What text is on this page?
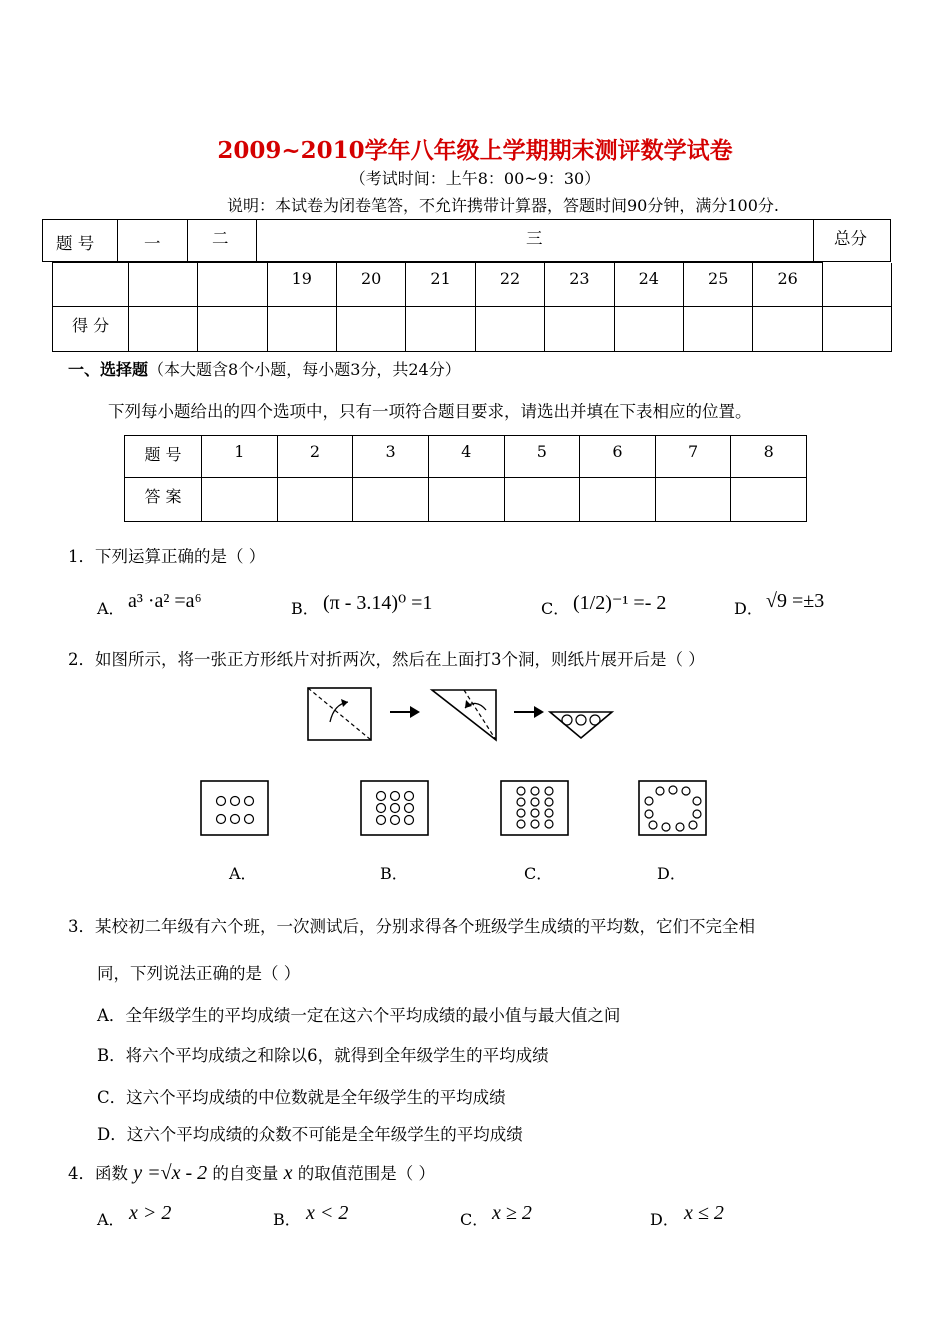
2009~2010学年八年级上学期期末测评数学试卷
（考试时间：上午8：00~9：30）
说明：本试卷为闭卷笔答，不允许携带计算器，答题时间90分钟，满分100分.
题 号	一	二	三	总分
			19	20	21	22	23	24	25	26	
得 分											
一、选择题（本大题含8个小题，每小题3分，共24分）
下列每小题给出的四个选项中，只有一项符合题目要求，请选出并填在下表相应的位置。
题 号	1	2	3	4	5	6	7	8
答 案								
1．下列运算正确的是（ ）
A． a³ ·a² =a⁶	B． (π - 3.14)⁰ =1	C． (1/2)⁻¹ =- 2	D． √9 =±3
2．如图所示，将一张正方形纸片对折两次，然后在上面打3个洞，则纸片展开后是（ ）
A．	B．	C．	D．
3．某校初二年级有六个班，一次测试后，分别求得各个班级学生成绩的平均数，它们不完全相
同，下列说法正确的是（ ）
A．全年级学生的平均成绩一定在这六个平均成绩的最小值与最大值之间
B．将六个平均成绩之和除以6，就得到全年级学生的平均成绩
C．这六个平均成绩的中位数就是全年级学生的平均成绩
D．这六个平均成绩的众数不可能是全年级学生的平均成绩
4．函数 y =√x - 2 的自变量 x 的取值范围是（ ）
A． x > 2	B． x < 2	C． x ≥ 2	D． x ≤ 2
